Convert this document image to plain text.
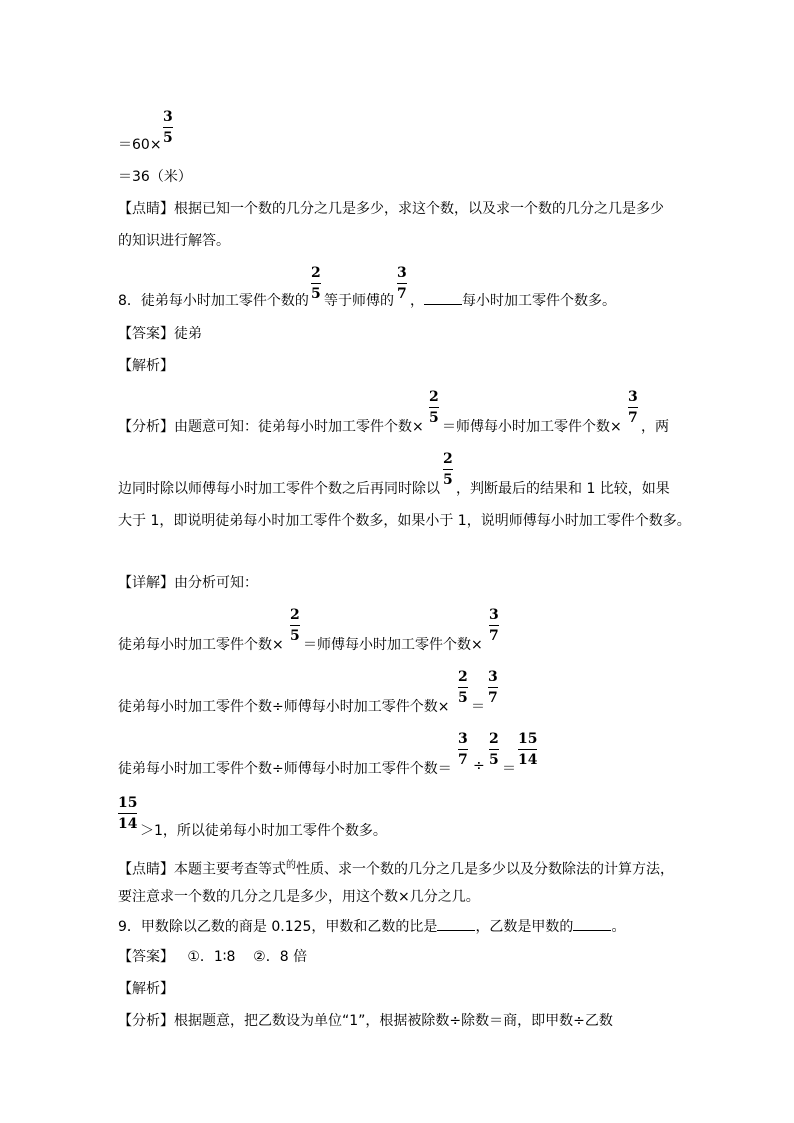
＝60×
3
5
＝36（米）
【点睛】根据已知一个数的几分之几是多少，求这个数，以及求一个数的几分之几是多少
的知识进行解答。
8．徒弟每小时加工零件个数的
2
5 等于师傅的
3
7 ，	每小时加工零件个数多。
【答案】徒弟
【解析】
【分析】由题意可知：徒弟每小时加工零件个数×
2
5
＝师傅每小时加工零件个数×
3
7
，两
边同时除以师傅每小时加工零件个数之后再同时除以
2
5
，判断最后的结果和 1 比较，如果
大于 1，即说明徒弟每小时加工零件个数多，如果小于 1，说明师傅每小时加工零件个数多。
【详解】由分析可知：
徒弟每小时加工零件个数×
2
5
＝师傅每小时加工零件个数×
3
7
徒弟每小时加工零件个数÷师傅每小时加工零件个数×
2
5
＝
3
7
徒弟每小时加工零件个数÷师傅每小时加工零件个数＝
3
7 ÷
2
5
＝
15
14
15
14 ＞1，所以徒弟每小时加工零件个数多。
【点睛】本题主要考查等式$^的$性质、求一个数的几分之几是多少以及分数除法的计算方法，
要注意求一个数的几分之几是多少，用这个数×几分之几。
9．甲数除以乙数的商是 0.125，甲数和乙数的比是	，乙数是甲数的	。
【答案】   ①．1∶8    ②．8 倍
【解析】
【分析】根据题意，把乙数设为单位“1”，根据被除数÷除数＝商，即甲数÷乙数
